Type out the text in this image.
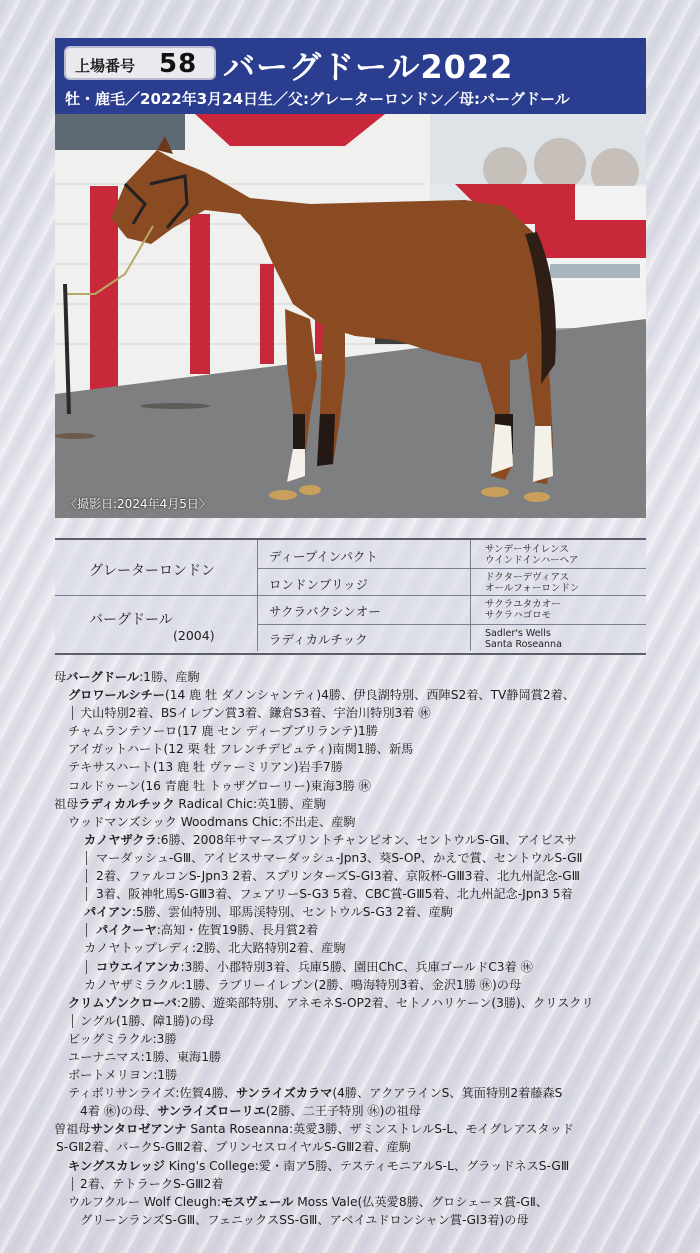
上場番号 58 バーグドール2022
牡・鹿毛／2022年3月24日生／父:グレーターロンドン／母:バーグドール
〈撮影日:2024年4月5日〉
グレーターロンドン
バーグドール
(2004)
ディープインパクト
ロンドンブリッジ
サクラバクシンオー
ラディカルチック
サンデーサイレンス
ウインドインハーヘア
ドクターデヴィアス
オールフォーロンドン
サクラユタカオー
サクラハゴロモ
Sadler's Wells
Santa Roseanna
母バーグドール:1勝、産駒
グロワールシチー(14 鹿 牡 ダノンシャンティ)4勝、伊良湖特別、西陣S2着、TV静岡賞2着、
犬山特別2着、BSイレブン賞3着、鎌倉S3着、宇治川特別3着 ㊡
チャムランテソーロ(17 鹿 セン ディープブリランテ)1勝
アイガットハート(12 栗 牡 フレンチデピュティ)南関1勝、新馬
テキサスハート(13 鹿 牡 ヴァーミリアン)岩手7勝
コルドゥーン(16 青鹿 牡 トゥザグローリー)東海3勝 ㊡
祖母ラディカルチック Radical Chic:英1勝、産駒
ウッドマンズシック Woodmans Chic:不出走、産駒
カノヤザクラ:6勝、2008年サマースプリントチャンピオン、セントウルS-GⅡ、アイビスサ
マーダッシュ-GⅢ、アイビスサマーダッシュ-Jpn3、葵S-OP、かえで賞、セントウルS-GⅡ
2着、ファルコンS-Jpn3 2着、スプリンターズS-GⅠ3着、京阪杯-GⅢ3着、北九州記念-GⅢ
3着、阪神牝馬S-GⅢ3着、フェアリーS-G3 5着、CBC賞-GⅢ5着、北九州記念-Jpn3 5着
パイアン:5勝、雲仙特別、耶馬渓特別、セントウルS-G3 2着、産駒
パイクーヤ:高知・佐賀19勝、長月賞2着
カノヤトップレディ:2勝、北大路特別2着、産駒
コウエイアンカ:3勝、小郡特別3着、兵庫5勝、園田ChC、兵庫ゴールドC3着 ㊡
カノヤザミラクル:1勝、ラブリーイレブン(2勝、鳴海特別3着、金沢1勝 ㊡)の母
クリムゾンクローバ:2勝、遊楽部特別、アネモネS-OP2着、セトノハリケーン(3勝)、クリスクリ
ングル(1勝、障1勝)の母
ビッグミラクル:3勝
ユーナニマス:1勝、東海1勝
ボートメリヨン:1勝
ティボリサンライズ:佐賀4勝、サンライズカラマ(4勝、アクアラインS、箕面特別2着藤森S
4着 ㊡)の母、サンライズローリエ(2勝、二王子特別 ㊡)の祖母
曽祖母サンタロゼアンナ Santa Roseanna:英愛3勝、ザミンストレルS-L、モイグレアスタッド
S-GⅡ2着、パークS-GⅢ2着、プリンセスロイヤルS-GⅢ2着、産駒
キングスカレッジ King's College:愛・南ア5勝、テスティモニアルS-L、グラッドネスS-GⅢ
2着、テトラークS-GⅢ2着
ウルフクルー Wolf Cleugh:モスヴェール Moss Vale(仏英愛8勝、グロシェーヌ賞-GⅡ、
グリーンランズS-GⅢ、フェニックスSS-GⅢ、アベイユドロンシャン賞-GⅠ3着)の母
